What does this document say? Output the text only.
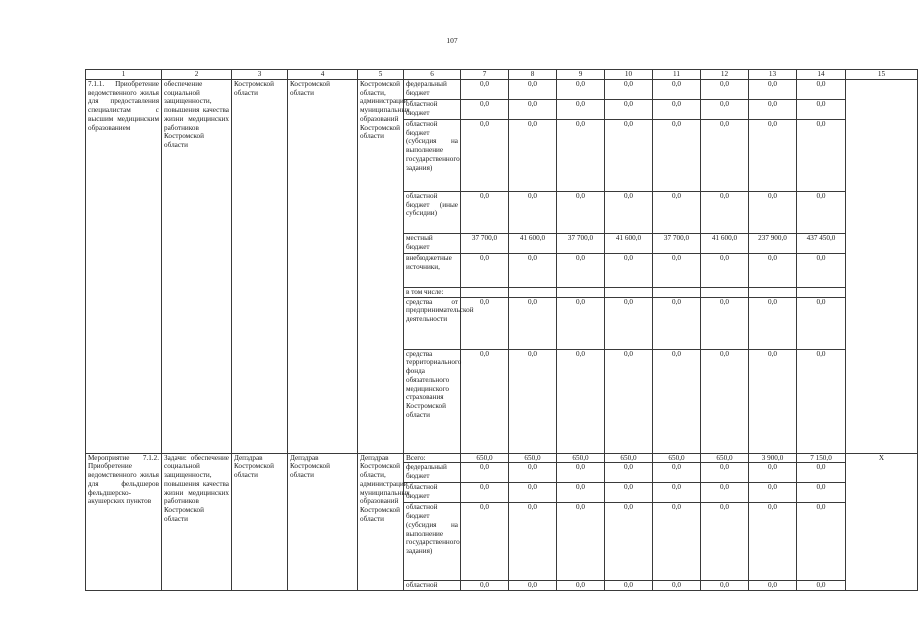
107
1	2	3	4	5	6	7	8	9	10	11	12	13	14	15
7.1.1. Приобретение ведомственного жилья для предоставления специалистам с высшим медицинским образованием	обеспечение социальной защищенности, повышения качества жизни медицинских работников Костромской области	Костромской области	Костромской области	Костромской области, администрации муниципальных образований Костромской области	федеральный бюджет	0,0	0,0	0,0	0,0	0,0	0,0	0,0	0,0	
					областной бюджет	0,0	0,0	0,0	0,0	0,0	0,0	0,0	0,0	
					областной бюджет (субсидия на выполнение государственного задания)	0,0	0,0	0,0	0,0	0,0	0,0	0,0	0,0	
					областной бюджет (иные субсидии)	0,0	0,0	0,0	0,0	0,0	0,0	0,0	0,0	
					местный бюджет	37 700,0	41 600,0	37 700,0	41 600,0	37 700,0	41 600,0	237 900,0	437 450,0	
					внебюджетные источники,	0,0	0,0	0,0	0,0	0,0	0,0	0,0	0,0	
					в том числе:									
					средства от предпринимательской деятельности	0,0	0,0	0,0	0,0	0,0	0,0	0,0	0,0	
					средства территориального фонда обязательного медицинского страхования Костромской области	0,0	0,0	0,0	0,0	0,0	0,0	0,0	0,0	
Мероприятие 7.1.2. Приобретение ведомственного жилья для фельдшеров фельдшерско-акушерских пунктов	Задачи: обеспечение социальной защищенности, повышения качества жизни медицинских работников Костромской области	Депздрав Костромской области	Депздрав Костромской области	Депздрав Костромской области, администрации муниципальных образований Костромской области	Всего:	650,0	650,0	650,0	650,0	650,0	650,0	3 900,0	7 150,0	X
					федеральный бюджет	0,0	0,0	0,0	0,0	0,0	0,0	0,0	0,0	
					областной бюджет	0,0	0,0	0,0	0,0	0,0	0,0	0,0	0,0	
					областной бюджет (субсидия на выполнение государственного задания)	0,0	0,0	0,0	0,0	0,0	0,0	0,0	0,0	
					областной	0,0	0,0	0,0	0,0	0,0	0,0	0,0	0,0	
